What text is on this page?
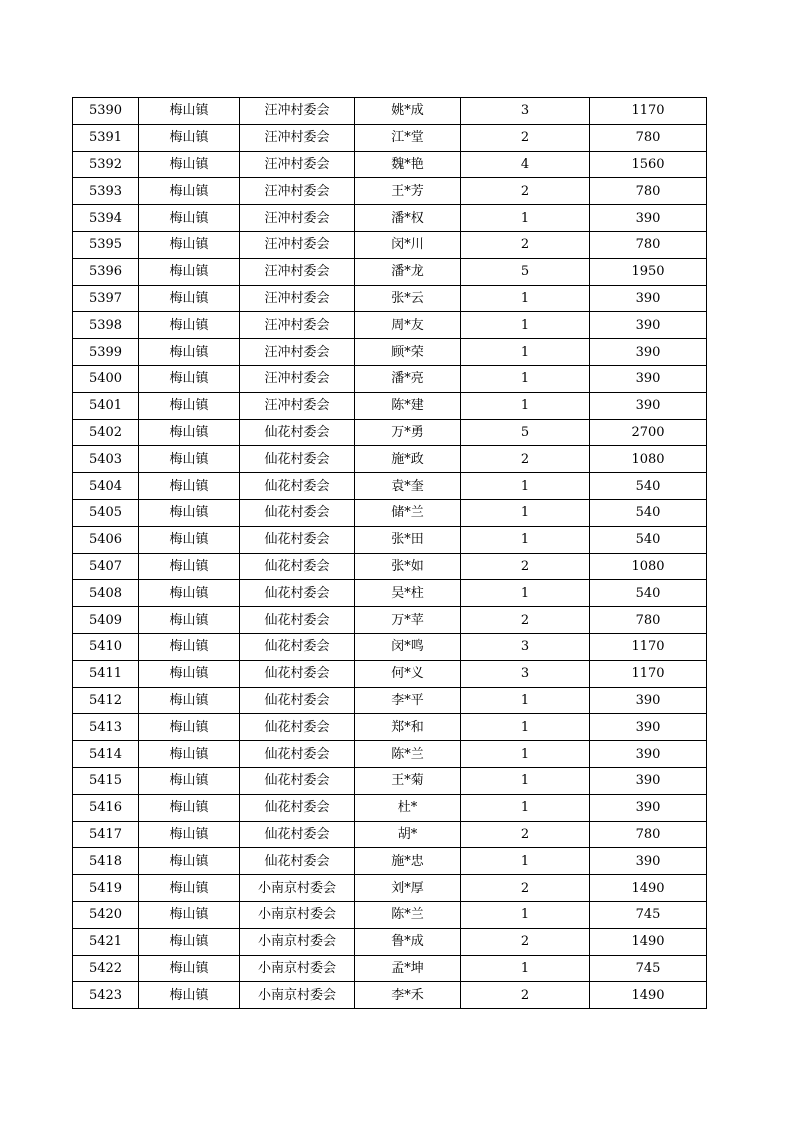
5390	梅山镇	汪冲村委会	姚*成	3	1170
5391	梅山镇	汪冲村委会	江*堂	2	780
5392	梅山镇	汪冲村委会	魏*艳	4	1560
5393	梅山镇	汪冲村委会	王*芳	2	780
5394	梅山镇	汪冲村委会	潘*权	1	390
5395	梅山镇	汪冲村委会	闵*川	2	780
5396	梅山镇	汪冲村委会	潘*龙	5	1950
5397	梅山镇	汪冲村委会	张*云	1	390
5398	梅山镇	汪冲村委会	周*友	1	390
5399	梅山镇	汪冲村委会	顾*荣	1	390
5400	梅山镇	汪冲村委会	潘*亮	1	390
5401	梅山镇	汪冲村委会	陈*建	1	390
5402	梅山镇	仙花村委会	万*勇	5	2700
5403	梅山镇	仙花村委会	施*政	2	1080
5404	梅山镇	仙花村委会	袁*奎	1	540
5405	梅山镇	仙花村委会	储*兰	1	540
5406	梅山镇	仙花村委会	张*田	1	540
5407	梅山镇	仙花村委会	张*如	2	1080
5408	梅山镇	仙花村委会	吴*柱	1	540
5409	梅山镇	仙花村委会	万*苹	2	780
5410	梅山镇	仙花村委会	闵*鸣	3	1170
5411	梅山镇	仙花村委会	何*义	3	1170
5412	梅山镇	仙花村委会	李*平	1	390
5413	梅山镇	仙花村委会	郑*和	1	390
5414	梅山镇	仙花村委会	陈*兰	1	390
5415	梅山镇	仙花村委会	王*菊	1	390
5416	梅山镇	仙花村委会	杜*	1	390
5417	梅山镇	仙花村委会	胡*	2	780
5418	梅山镇	仙花村委会	施*忠	1	390
5419	梅山镇	小南京村委会	刘*厚	2	1490
5420	梅山镇	小南京村委会	陈*兰	1	745
5421	梅山镇	小南京村委会	鲁*成	2	1490
5422	梅山镇	小南京村委会	孟*坤	1	745
5423	梅山镇	小南京村委会	李*禾	2	1490
